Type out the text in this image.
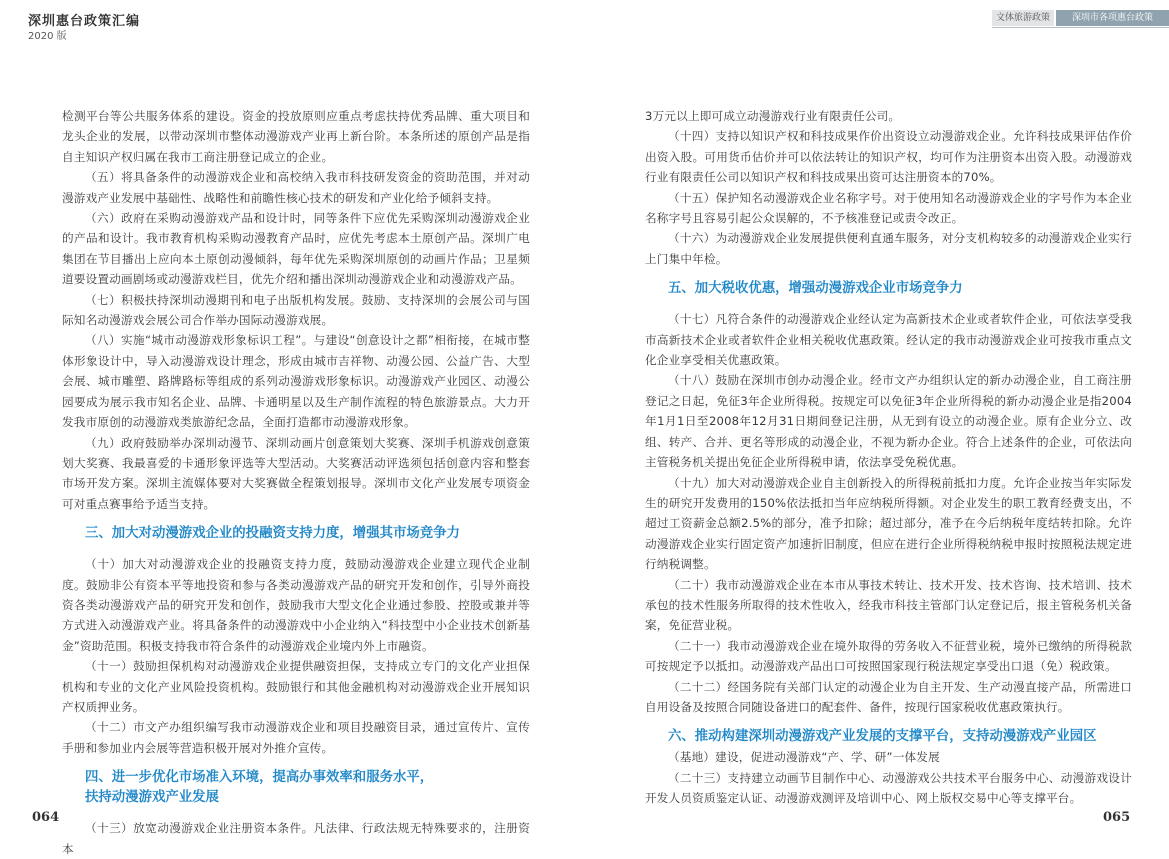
深圳惠台政策汇编
2020 版
文体旅游政策	深圳市各项惠台政策

检测平台等公共服务体系的建设。资金的投放原则应重点考虑扶持优秀品牌、重大项目和龙头企业的发展，以带动深圳市整体动漫游戏产业再上新台阶。本条所述的原创产品是指自主知识产权归属在我市工商注册登记成立的企业。

（五）将具备条件的动漫游戏企业和高校纳入我市科技研发资金的资助范围，并对动漫游戏产业发展中基础性、战略性和前瞻性核心技术的研发和产业化给予倾斜支持。

（六）政府在采购动漫游戏产品和设计时，同等条件下应优先采购深圳动漫游戏企业的产品和设计。我市教育机构采购动漫教育产品时，应优先考虑本土原创产品。深圳广电集团在节目播出上应向本土原创动漫倾斜，每年优先采购深圳原创的动画片作品；卫星频道要设置动画剧场或动漫游戏栏目，优先介绍和播出深圳动漫游戏企业和动漫游戏产品。

（七）积极扶持深圳动漫期刊和电子出版机构发展。鼓励、支持深圳的会展公司与国际知名动漫游戏会展公司合作举办国际动漫游戏展。

（八）实施“城市动漫游戏形象标识工程”。与建设“创意设计之都”相衔接，在城市整体形象设计中，导入动漫游戏设计理念，形成由城市吉祥物、动漫公园、公益广告、大型会展、城市雕塑、路牌路标等组成的系列动漫游戏形象标识。动漫游戏产业园区、动漫公园要成为展示我市知名企业、品牌、卡通明星以及生产制作流程的特色旅游景点。大力开发我市原创的动漫游戏类旅游纪念品，全面打造都市动漫游戏形象。

（九）政府鼓励举办深圳动漫节、深圳动画片创意策划大奖赛、深圳手机游戏创意策划大奖赛、我最喜爱的卡通形象评选等大型活动。大奖赛活动评选须包括创意内容和整套市场开发方案。深圳主流媒体要对大奖赛做全程策划报导。深圳市文化产业发展专项资金可对重点赛事给予适当支持。

三、加大对动漫游戏企业的投融资支持力度，增强其市场竞争力

（十）加大对动漫游戏企业的投融资支持力度，鼓励动漫游戏企业建立现代企业制度。鼓励非公有资本平等地投资和参与各类动漫游戏产品的研究开发和创作，引导外商投资各类动漫游戏产品的研究开发和创作，鼓励我市大型文化企业通过参股、控股或兼并等方式进入动漫游戏产业。将具备条件的动漫游戏中小企业纳入“科技型中小企业技术创新基金”资助范围。积极支持我市符合条件的动漫游戏企业境内外上市融资。

（十一）鼓励担保机构对动漫游戏企业提供融资担保，支持成立专门的文化产业担保机构和专业的文化产业风险投资机构。鼓励银行和其他金融机构对动漫游戏企业开展知识产权质押业务。

（十二）市文产办组织编写我市动漫游戏企业和项目投融资目录，通过宣传片、宣传手册和参加业内会展等营造积极开展对外推介宣传。

四、进一步优化市场准入环境，提高办事效率和服务水平，

扶持动漫游戏产业发展

（十三）放宽动漫游戏企业注册资本条件。凡法律、行政法规无特殊要求的，注册资本

3万元以上即可成立动漫游戏行业有限责任公司。

（十四）支持以知识产权和科技成果作价出资设立动漫游戏企业。允许科技成果评估作价出资入股。可用货币估价并可以依法转让的知识产权，均可作为注册资本出资入股。动漫游戏行业有限责任公司以知识产权和科技成果出资可达注册资本的70%。

（十五）保护知名动漫游戏企业名称字号。对于使用知名动漫游戏企业的字号作为本企业名称字号且容易引起公众误解的，不予核准登记或责令改正。

（十六）为动漫游戏企业发展提供便利直通车服务，对分支机构较多的动漫游戏企业实行上门集中年检。

五、加大税收优惠，增强动漫游戏企业市场竞争力

（十七）凡符合条件的动漫游戏企业经认定为高新技术企业或者软件企业，可依法享受我市高新技术企业或者软件企业相关税收优惠政策。经认定的我市动漫游戏企业可按我市重点文化企业享受相关优惠政策。

（十八）鼓励在深圳市创办动漫企业。经市文产办组织认定的新办动漫企业，自工商注册登记之日起，免征3年企业所得税。按规定可以免征3年企业所得税的新办动漫企业是指2004年1月1日至2008年12月31日期间登记注册，从无到有设立的动漫企业。原有企业分立、改组、转产、合并、更名等形成的动漫企业，不视为新办企业。符合上述条件的企业，可依法向主管税务机关提出免征企业所得税申请，依法享受免税优惠。

（十九）加大对动漫游戏企业自主创新投入的所得税前抵扣力度。允许企业按当年实际发生的研究开发费用的150%依法抵扣当年应纳税所得额。对企业发生的职工教育经费支出，不超过工资薪金总额2.5%的部分，准予扣除；超过部分，准予在今后纳税年度结转扣除。允许动漫游戏企业实行固定资产加速折旧制度，但应在进行企业所得税纳税申报时按照税法规定进行纳税调整。

（二十）我市动漫游戏企业在本市从事技术转让、技术开发、技术咨询、技术培训、技术承包的技术性服务所取得的技术性收入，经我市科技主管部门认定登记后，报主管税务机关备案，免征营业税。

（二十一）我市动漫游戏企业在境外取得的劳务收入不征营业税，境外已缴纳的所得税款可按规定予以抵扣。动漫游戏产品出口可按照国家现行税法规定享受出口退（免）税政策。

（二十二）经国务院有关部门认定的动漫企业为自主开发、生产动漫直接产品，所需进口自用设备及按照合同随设备进口的配套件、备件，按现行国家税收优惠政策执行。

六、推动构建深圳动漫游戏产业发展的支撑平台，支持动漫游戏产业园区

（基地）建设，促进动漫游戏“产、学、研”一体发展

（二十三）支持建立动画节目制作中心、动漫游戏公共技术平台服务中心、动漫游戏设计开发人员资质鉴定认证、动漫游戏测评及培训中心、网上版权交易中心等支撑平台。

064	065
